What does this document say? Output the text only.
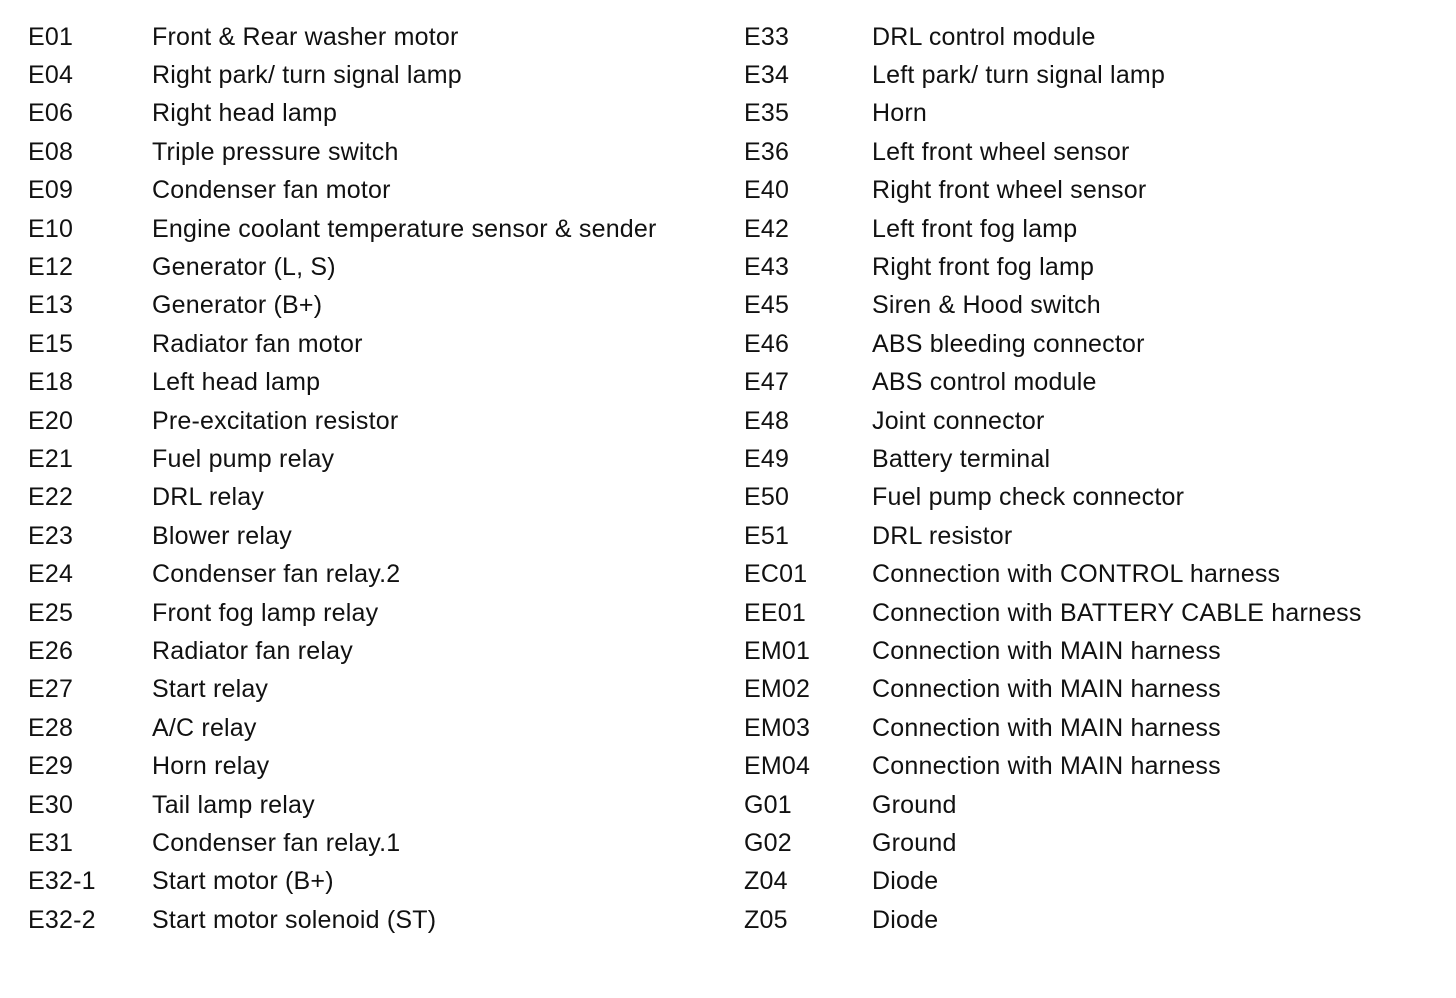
E01	Front & Rear washer motor
E04	Right park/ turn signal lamp
E06	Right head lamp
E08	Triple pressure switch
E09	Condenser fan motor
E10	Engine coolant temperature sensor & sender
E12	Generator (L, S)
E13	Generator (B+)
E15	Radiator fan motor
E18	Left head lamp
E20	Pre-excitation resistor
E21	Fuel pump relay
E22	DRL relay
E23	Blower relay
E24	Condenser fan relay.2
E25	Front fog lamp relay
E26	Radiator fan relay
E27	Start relay
E28	A/C relay
E29	Horn relay
E30	Tail lamp relay
E31	Condenser fan relay.1
E32-1	Start motor (B+)
E32-2	Start motor solenoid (ST)
E33	DRL control module
E34	Left park/ turn signal lamp
E35	Horn
E36	Left front wheel sensor
E40	Right front wheel sensor
E42	Left front fog lamp
E43	Right front fog lamp
E45	Siren & Hood switch
E46	ABS bleeding connector
E47	ABS control module
E48	Joint connector
E49	Battery terminal
E50	Fuel pump check connector
E51	DRL resistor
EC01	Connection with CONTROL harness
EE01	Connection with BATTERY CABLE harness
EM01	Connection with MAIN harness
EM02	Connection with MAIN harness
EM03	Connection with MAIN harness
EM04	Connection with MAIN harness
G01	Ground
G02	Ground
Z04	Diode
Z05	Diode
